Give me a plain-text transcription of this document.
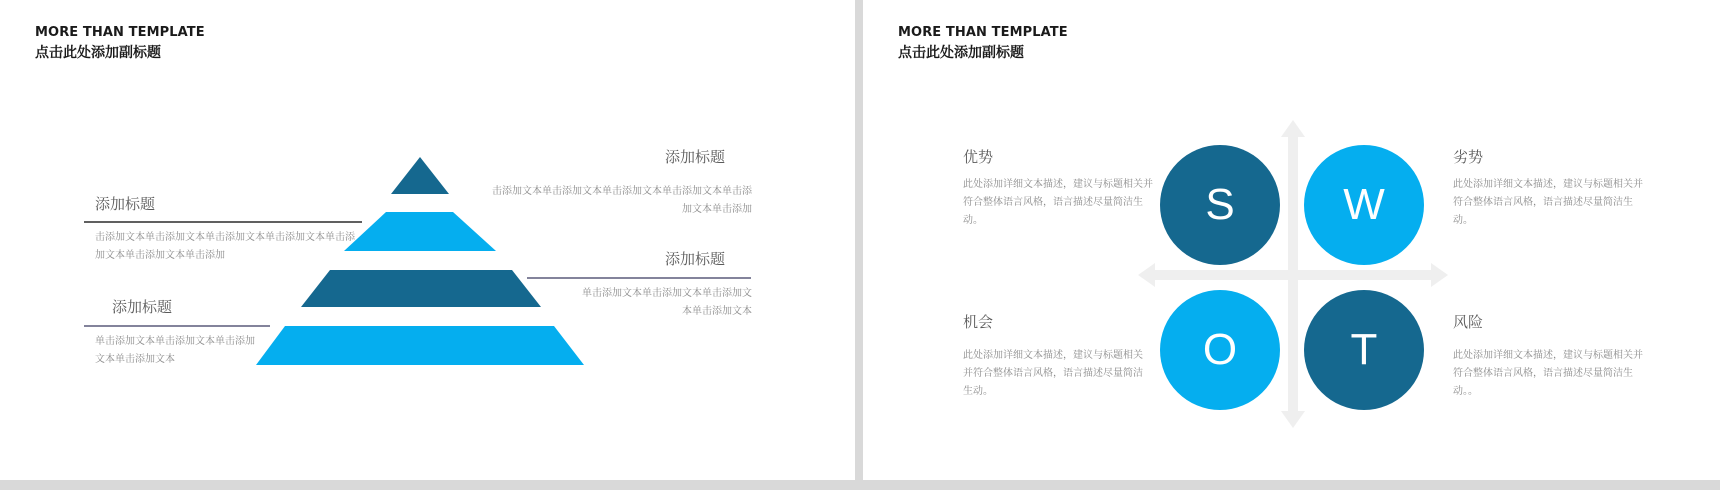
MORE THAN TEMPLATE
点击此处添加副标题
添加标题
击添加文本单击添加文本单击添加文本单击添加文本单击添加文本单击添加
添加标题
击添加文本单击添加文本单击添加文本单击添加文本单击添加文本单击添加文本单击添加	添加标题
单击添加文本单击添加文本单击添加文本单击添加文本
添加标题
单击添加文本单击添加文本单击添加文本单击添加文本
MORE THAN TEMPLATE
点击此处添加副标题
S	W
O	T
优势
此处添加详细文本描述，建议与标题相关并符合整体语言风格，语言描述尽量简洁生动。
劣势
此处添加详细文本描述，建议与标题相关并符合整体语言风格，语言描述尽量简洁生动。
机会
此处添加详细文本描述，建议与标题相关并符合整体语言风格，语言描述尽量简洁生动。
风险
此处添加详细文本描述，建议与标题相关并符合整体语言风格，语言描述尽量简洁生动。。
